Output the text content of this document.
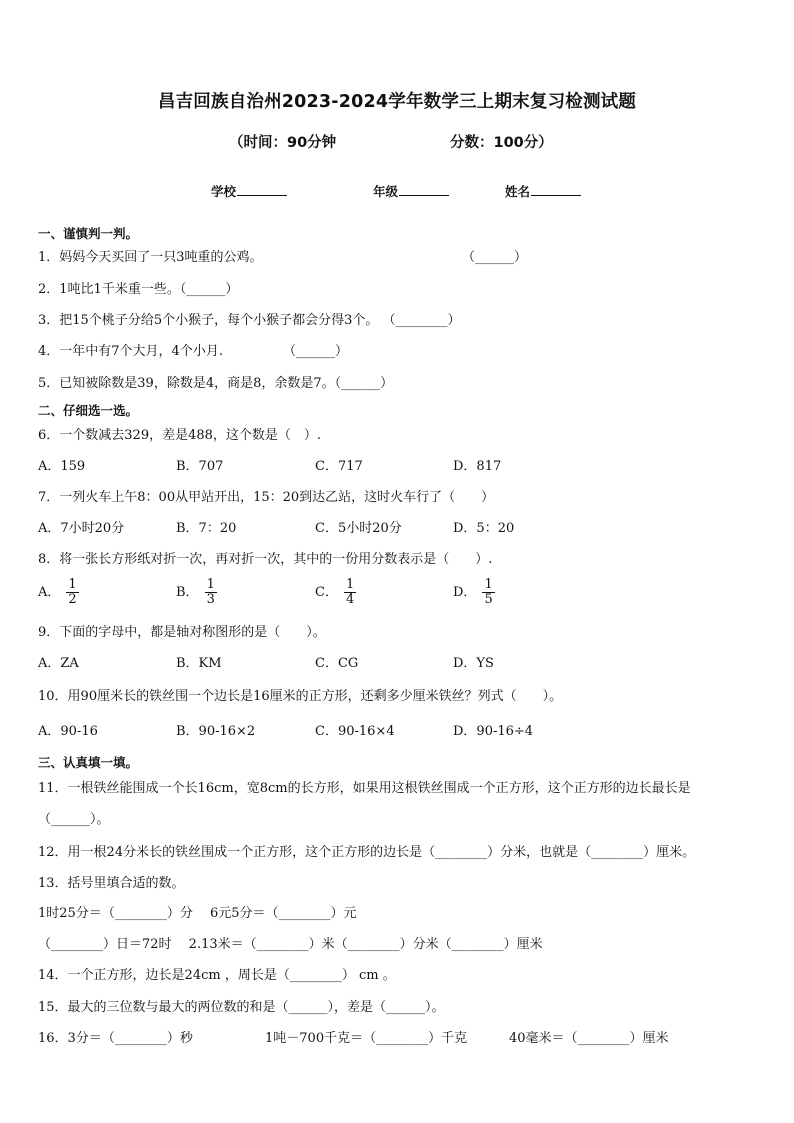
昌吉回族自治州2023-2024学年数学三上期末复习检测试题
（时间：90分钟	分数：100分）
学校	年级	姓名
一、谨慎判一判。
1．妈妈今天买回了一只3吨重的公鸡。	（______）
2．1吨比1千米重一些。（______）
3．把15个桃子分给5个小猴子，每个小猴子都会分得3个。 （________）
4．一年中有7个大月，4个小月.	（______）
5．已知被除数是39，除数是4，商是8，余数是7。（______）
二、仔细选一选。
6．一个数减去329，差是488，这个数是（　）.
A．159	B．707	C．717	D．817
7．一列火车上午8：00从甲站开出，15：20到达乙站，这时火车行了（　　）
A．7小时20分	B．7：20	C．5小时20分	D．5：20
8．将一张长方形纸对折一次，再对折一次，其中的一份用分数表示是（　　）.
A． $\frac{1}{2}$	B． $\frac{1}{3}$	C． $\frac{1}{4}$	D． $\frac{1}{5}$
9．下面的字母中，都是轴对称图形的是（　　）。
A．ZA	B．KM	C．CG	D．YS
10．用90厘米长的铁丝围一个边长是16厘米的正方形，还剩多少厘米铁丝？列式（　　）。
A．90-16	B．90-16×2	C．90-16×4	D．90-16÷4
三、认真填一填。
11．一根铁丝能围成一个长16cm，宽8cm的长方形，如果用这根铁丝围成一个正方形，这个正方形的边长最长是
（______）。
12．用一根24分米长的铁丝围成一个正方形，这个正方形的边长是（________）分米，也就是（________）厘米。
13．括号里填合适的数。
1时25分＝（________）分　 6元5分＝（________）元
（________）日＝72时　 2.13米＝（________）米（________）分米（________）厘米
14．一个正方形，边长是24cm ，周长是（________） cm 。
15．最大的三位数与最大的两位数的和是（______），差是（______）。
16．3分＝（________）秒	1吨－700千克＝（________）千克	40毫米＝（________）厘米
